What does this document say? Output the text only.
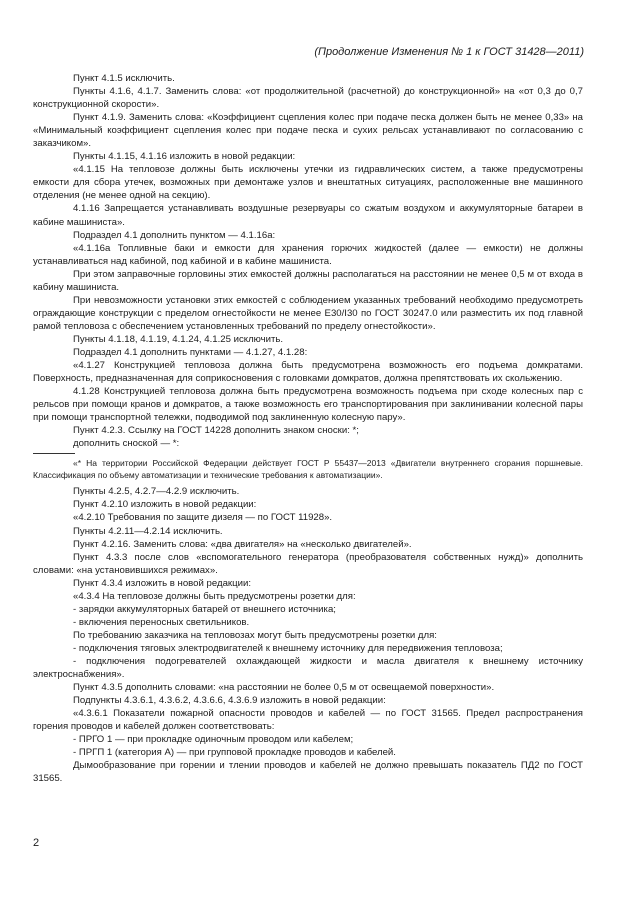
(Продолжение Изменения № 1 к ГОСТ 31428—2011)

Пункт 4.1.5 исключить.

Пункты 4.1.6, 4.1.7. Заменить слова: «от продолжительной (расчетной) до конструкционной» на «от 0,3 до 0,7 конструкционной скорости».

Пункт 4.1.9. Заменить слова: «Коэффициент сцепления колес при подаче песка должен быть не менее 0,33» на «Минимальный коэффициент сцепления колес при подаче песка и сухих рельсах устанавливают по согласованию с заказчиком».

Пункты 4.1.15, 4.1.16 изложить в новой редакции:

«4.1.15 На тепловозе должны быть исключены утечки из гидравлических систем, а также предусмотрены емкости для сбора утечек, возможных при демонтаже узлов и внештатных ситуациях, расположенные вне машинного отделения (не менее одной на секцию).

4.1.16 Запрещается устанавливать воздушные резервуары со сжатым воздухом и аккумуляторные батареи в кабине машиниста».

Подраздел 4.1 дополнить пунктом — 4.1.16а:

«4.1.16а Топливные баки и емкости для хранения горючих жидкостей (далее — емкости) не должны устанавливаться над кабиной, под кабиной и в кабине машиниста.

При этом заправочные горловины этих емкостей должны располагаться на расстоянии не менее 0,5 м от входа в кабину машиниста.

При невозможности установки этих емкостей с соблюдением указанных требований необходимо предусмотреть ограждающие конструкции с пределом огнестойкости не менее E30/I30 по ГОСТ 30247.0 или разместить их под главной рамой тепловоза с обеспечением установленных требований по пределу огнестойкости».

Пункты 4.1.18, 4.1.19, 4.1.24, 4.1.25 исключить.

Подраздел 4.1 дополнить пунктами — 4.1.27, 4.1.28:

«4.1.27 Конструкцией тепловоза должна быть предусмотрена возможность его подъема домкратами. Поверхность, предназначенная для соприкосновения с головками домкратов, должна препятствовать их скольжению.

4.1.28 Конструкцией тепловоза должна быть предусмотрена возможность подъема при сходе колесных пар с рельсов при помощи кранов и домкратов, а также возможность его транспортирования при заклинивании колесной пары при помощи транспортной тележки, подводимой под заклиненную колесную пару».

Пункт 4.2.3. Ссылку на ГОСТ 14228 дополнить знаком сноски: *;

дополнить сноской — *:

«* На территории Российской Федерации действует ГОСТ Р 55437—2013 «Двигатели внутреннего сгорания поршневые. Классификация по объему автоматизации и технические требования к автоматизации».

Пункты 4.2.5, 4.2.7—4.2.9 исключить.

Пункт 4.2.10 изложить в новой редакции:

«4.2.10 Требования по защите дизеля — по ГОСТ 11928».

Пункты 4.2.11—4.2.14 исключить.

Пункт 4.2.16. Заменить слова: «два двигателя» на «несколько двигателей».

Пункт 4.3.3 после слов «вспомогательного генератора (преобразователя собственных нужд)» дополнить словами: «на установившихся режимах».

Пункт 4.3.4 изложить в новой редакции:

«4.3.4 На тепловозе должны быть предусмотрены розетки для:

- зарядки аккумуляторных батарей от внешнего источника;

- включения переносных светильников.

По требованию заказчика на тепловозах могут быть предусмотрены розетки для:

- подключения тяговых электродвигателей к внешнему источнику для передвижения тепловоза;

- подключения подогревателей охлаждающей жидкости и масла двигателя к внешнему источнику электроснабжения».

Пункт 4.3.5 дополнить словами: «на расстоянии не более 0,5 м от освещаемой поверхности».

Подпункты 4.3.6.1, 4.3.6.2, 4.3.6.6, 4.3.6.9 изложить в новой редакции:

«4.3.6.1 Показатели пожарной опасности проводов и кабелей — по ГОСТ 31565. Предел распространения горения проводов и кабелей должен соответствовать:

- ПРГО 1 — при прокладке одиночным проводом или кабелем;

- ПРГП 1 (категория А) — при групповой прокладке проводов и кабелей.

Дымообразование при горении и тлении проводов и кабелей не должно превышать показатель ПД2 по ГОСТ 31565.

2
